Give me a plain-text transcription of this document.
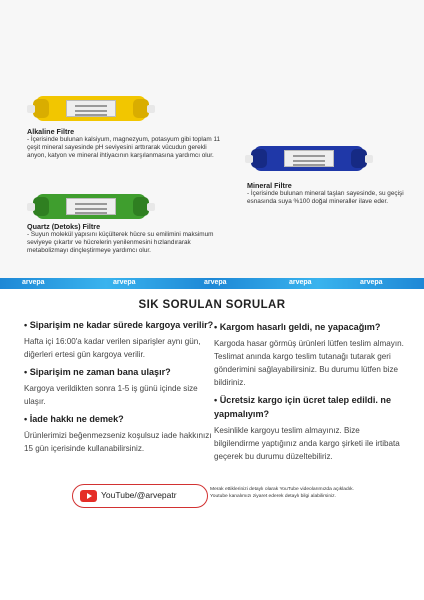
Alkaline Filtre
- İçerisinde bulunan kalsiyum, magnezyum, potasyum gibi toplam 11 çeşit mineral sayesinde pH seviyesini arttırarak vücudun gerekli anyon, katyon ve mineral ihtiyacının karşılanmasına yardımcı olur.
Mineral Filtre
- İçerisinde bulunan mineral taşları sayesinde, su geçişi esnasında suya %100 doğal mineraller ilave eder.
Quartz (Detoks) Filtre
- Suyun molekül yapısını küçülterek hücre su emilimini maksimum seviyeye çıkartır ve hücrelerin yenilenmesini hızlandırarak metabolizmayı dinçleştirmeye yardımcı olur.
arvepa	arvepa	arvepa	arvepa	arvepa
SIK SORULAN SORULAR
• Siparişim ne kadar sürede kargoya verilir?
Hafta içi 16:00'a kadar verilen siparişler aynı gün, diğerleri ertesi gün kargoya verilir.
• Siparişim ne zaman bana ulaşır?
Kargoya verildikten sonra 1-5 iş günü içinde size ulaşır.
• İade hakkı ne demek?
Ürünlerimizi beğenmezseniz koşulsuz iade hakkınızı 15 gün içerisinde kullanabilirsiniz.
• Kargom hasarlı geldi, ne yapacağım?
Kargoda hasar görmüş ürünleri lütfen teslim almayın. Teslimat anında kargo teslim tutanağı tutarak geri gönderimini sağlayabilirsiniz. Bu durumu lütfen bize bildiriniz.
• Ücretsiz kargo için ücret talep edildi. ne yapmalıyım?
Kesinlikle kargoyu teslim almayınız. Bize bilgilendirme yaptığınız anda kargo şirketi ile irtibata geçerek bu durumu düzeltebiliriz.
YouTube/@arvepatr
Merak ettiklerinizi detaylı olarak YouTube videolarımızda açıkladık. Youtube kanalımızı ziyaret ederek detaylı bilgi alabilirsiniz.
